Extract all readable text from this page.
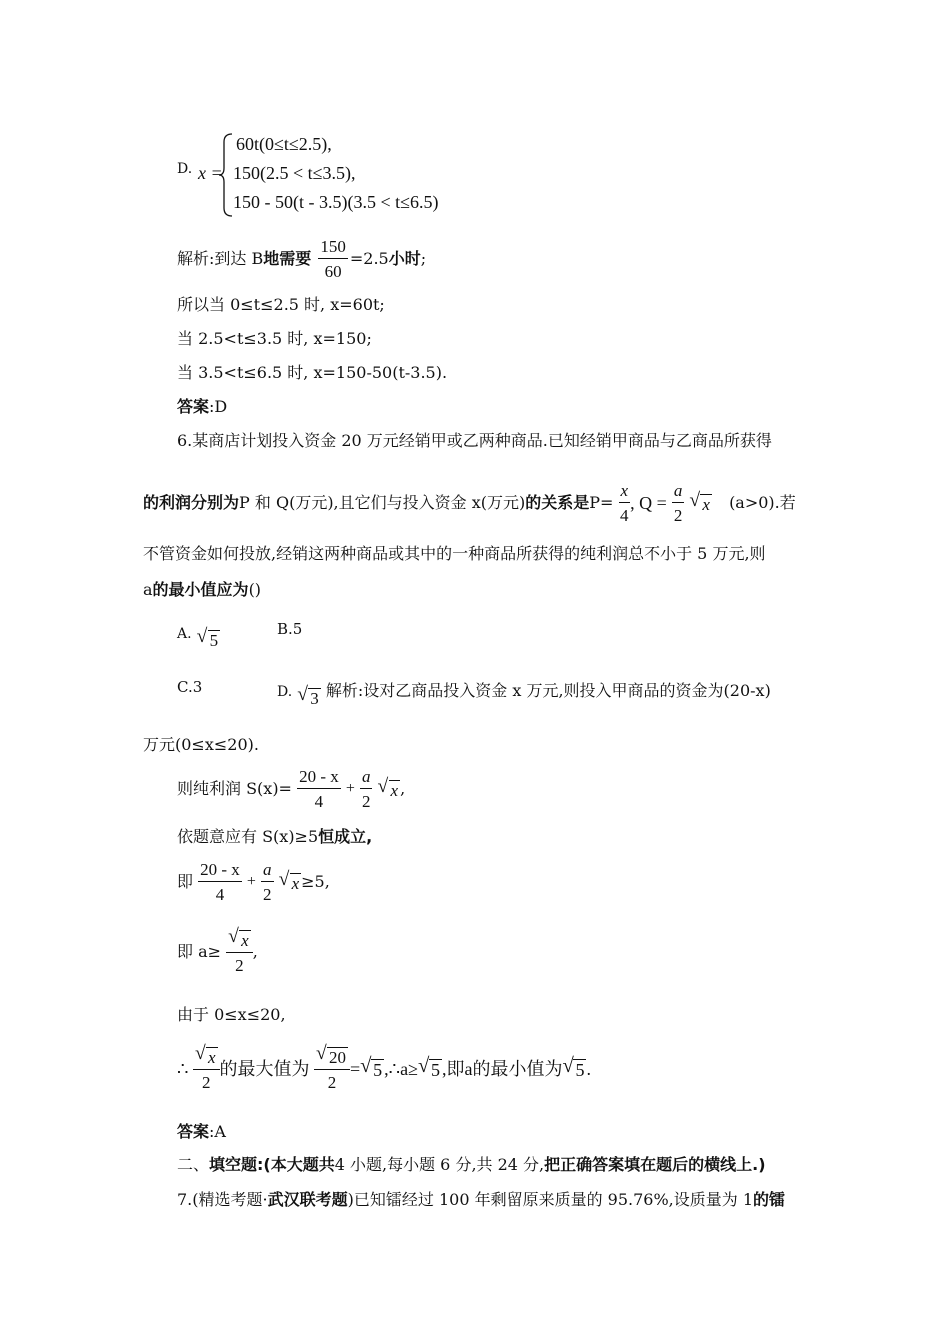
D. x =
60t(0≤t≤2.5),
150(2.5 < t≤3.5),
150 - 50(t - 3.5)(3.5 < t≤6.5)
解析:到达 B地需要 $\frac{150}{60} =2.5$小时;
所以当 0≤t≤2.5 时, x=60t;
当 2.5<t≤3.5 时, x=150;
当 3.5<t≤6.5 时, x=150-50(t-3.5).
答案:D
6.某商店计划投入资金 20 万元经销甲或乙两种商品.已知经销甲商品与乙商品所获得
的利润分别为P 和 Q(万元),且它们与投入资金 x(万元)的关系是$P= \frac{x}{4}$ , $Q = \frac{a}{2}$
√ x (a>0).若
不管资金如何投放,经销这两种商品或其中的一种商品所获得的纯利润总不小于 5 万元,则
a的最小值应为()
A. √ 5
B.5
C.3	D. √ 3 解析:设对乙商品投入资金 x 万元,则投入甲商品的资金为(20-x)
万元(0≤x≤20).
则纯利润 $S(x)= \frac{20 - x}{4} + \frac{a}{2}$
√ x ,
依题意应有 S(x)≥5恒成立,
即 $\frac{20 - x}{4} + \frac{a}{2}$
√ x ≥5,
即 $a\ge \frac{√ x}{2}$ ,
由于 0≤x≤20,
∴ $\frac{√ x}{2}$ 的最大值为 $\frac{√ 20}{2}$ = √ 5 ,∴a≥ √ 5 ,即a的最小值为 √ 5 .
答案:A
二、填空题:(本大题共4 小题,每小题 6 分,共 24 分,把正确答案填在题后的横线上.)
7.(精选考题·武汉联考题)已知镭经过 100 年剩留原来质量的 95.76%,设质量为 1的镭
